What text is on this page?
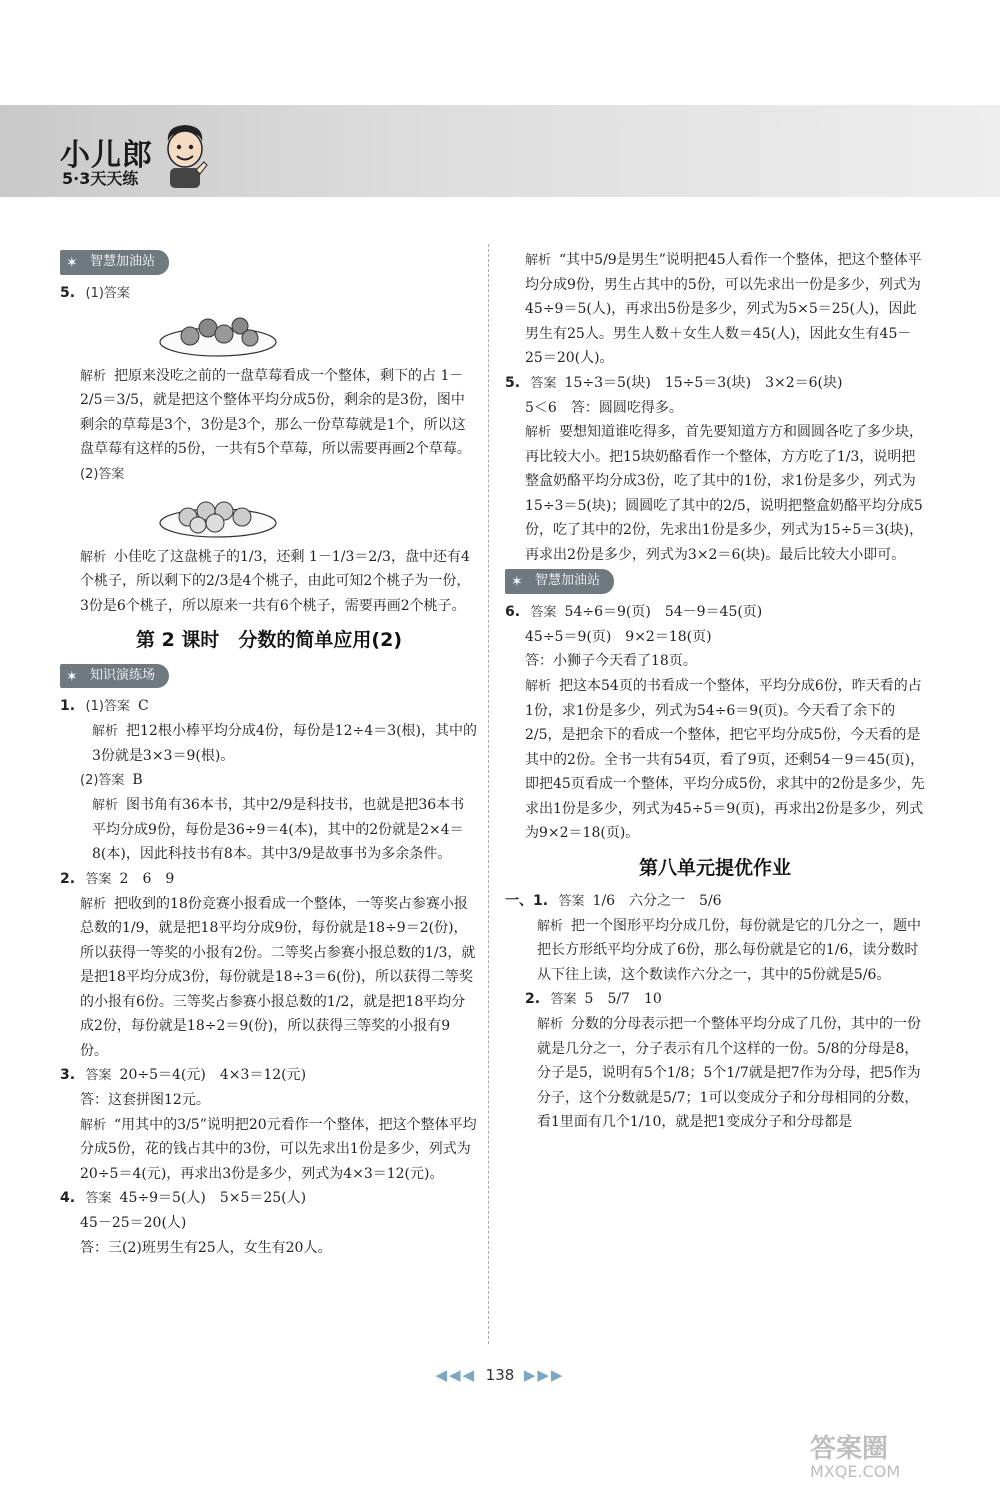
小儿郎
5·3天天练
✶ 智慧加油站

5. (1)答案

解析 把原来没吃之前的一盘草莓看成一个整体，剩下的占 1－2/5＝3/5，就是把这个整体平均分成5份，剩余的是3份，图中剩余的草莓是3个，3份是3个，那么一份草莓就是1个，所以这盘草莓有这样的5份，一共有5个草莓，所以需要再画2个草莓。

(2)答案

解析 小佳吃了这盘桃子的1/3，还剩 1－1/3＝2/3，盘中还有4个桃子，所以剩下的2/3是4个桃子，由此可知2个桃子为一份，3份是6个桃子，所以原来一共有6个桃子，需要再画2个桃子。

第 2 课时　分数的简单应用(2)
✶ 知识演练场

1. (1)答案 C

解析 把12根小棒平均分成4份，每份是12÷4＝3(根)，其中的3份就是3×3＝9(根)。

(2)答案 B

解析 图书角有36本书，其中2/9是科技书，也就是把36本书平均分成9份，每份是36÷9＝4(本)，其中的2份就是2×4＝8(本)，因此科技书有8本。其中3/9是故事书为多余条件。

2. 答案 2　6　9

解析 把收到的18份竞赛小报看成一个整体，一等奖占参赛小报总数的1/9，就是把18平均分成9份，每份就是18÷9＝2(份)，所以获得一等奖的小报有2份。二等奖占参赛小报总数的1/3，就是把18平均分成3份，每份就是18÷3＝6(份)，所以获得二等奖的小报有6份。三等奖占参赛小报总数的1/2，就是把18平均分成2份，每份就是18÷2＝9(份)，所以获得三等奖的小报有9份。

3. 答案 20÷5＝4(元)　4×3＝12(元)

答：这套拼图12元。

解析 “用其中的3/5”说明把20元看作一个整体，把这个整体平均分成5份，花的钱占其中的3份，可以先求出1份是多少，列式为20÷5＝4(元)，再求出3份是多少，列式为4×3＝12(元)。

4. 答案 45÷9＝5(人)　5×5＝25(人)

45－25＝20(人)

答：三(2)班男生有25人，女生有20人。

解析 “其中5/9是男生”说明把45人看作一个整体，把这个整体平均分成9份，男生占其中的5份，可以先求出一份是多少，列式为45÷9＝5(人)，再求出5份是多少，列式为5×5＝25(人)，因此男生有25人。男生人数＋女生人数＝45(人)，因此女生有45－25＝20(人)。

5. 答案 15÷3＝5(块)　15÷5＝3(块)　3×2＝6(块)

5＜6　答：圆圆吃得多。

解析 要想知道谁吃得多，首先要知道方方和圆圆各吃了多少块，再比较大小。把15块奶酪看作一个整体，方方吃了1/3，说明把整盒奶酪平均分成3份，吃了其中的1份，求1份是多少，列式为15÷3＝5(块)；圆圆吃了其中的2/5，说明把整盒奶酪平均分成5份，吃了其中的2份，先求出1份是多少，列式为15÷5＝3(块)，再求出2份是多少，列式为3×2＝6(块)。最后比较大小即可。

✶ 智慧加油站

6. 答案 54÷6＝9(页)　54－9＝45(页)

45÷5＝9(页)　9×2＝18(页)

答：小狮子今天看了18页。

解析 把这本54页的书看成一个整体，平均分成6份，昨天看的占1份，求1份是多少，列式为54÷6＝9(页)。今天看了余下的2/5，是把余下的看成一个整体，把它平均分成5份，今天看的是其中的2份。全书一共有54页，看了9页，还剩54－9＝45(页)，即把45页看成一个整体，平均分成5份，求其中的2份是多少，先求出1份是多少，列式为45÷5＝9(页)，再求出2份是多少，列式为9×2＝18(页)。

第八单元提优作业

一、1. 答案 1/6　六分之一　5/6

解析 把一个图形平均分成几份，每份就是它的几分之一，题中把长方形纸平均分成了6份，那么每份就是它的1/6，读分数时从下往上读，这个数读作六分之一，其中的5份就是5/6。

2. 答案 5　5/7　10

解析 分数的分母表示把一个整体平均分成了几份，其中的一份就是几分之一，分子表示有几个这样的一份。5/8的分母是8，分子是5，说明有5个1/8；5个1/7就是把7作为分母，把5作为分子，这个分数就是5/7；1可以变成分子和分母相同的分数，看1里面有几个1/10，就是把1变成分子和分母都是

◀◀◀ 138 ▶▶▶
答案圈
MXQE.COM
